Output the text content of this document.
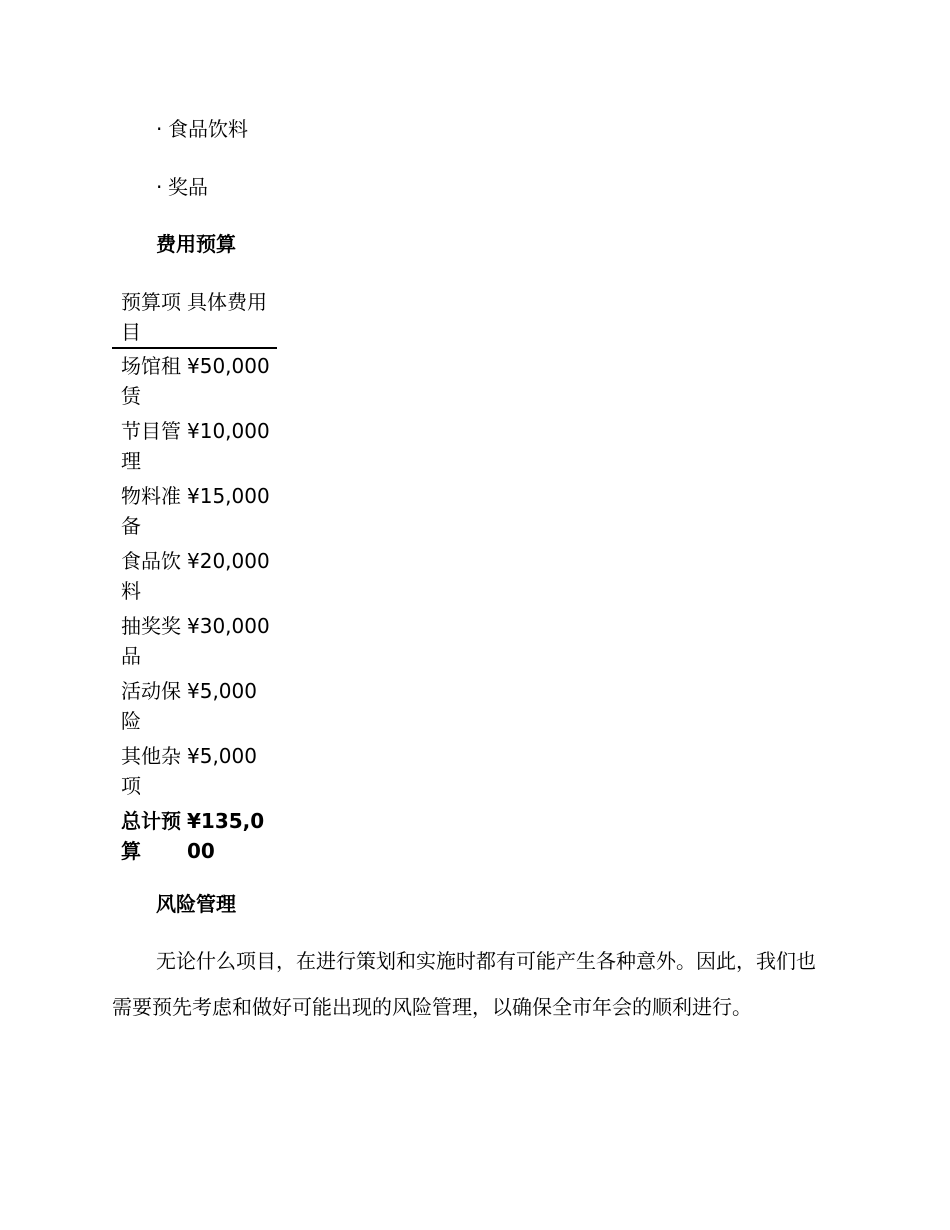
· 食品饮料
· 奖品
费用预算
预算项目	具体费用
场馆租赁	¥50,000
节目管理	¥10,000
物料准备	¥15,000
食品饮料	¥20,000
抽奖奖品	¥30,000
活动保险	¥5,000
其他杂项	¥5,000
总计预算	¥135,000
风险管理
无论什么项目，在进行策划和实施时都有可能产生各种意外。因此，我们也需要预先考虑和做好可能出现的风险管理，以确保全市年会的顺利进行。
